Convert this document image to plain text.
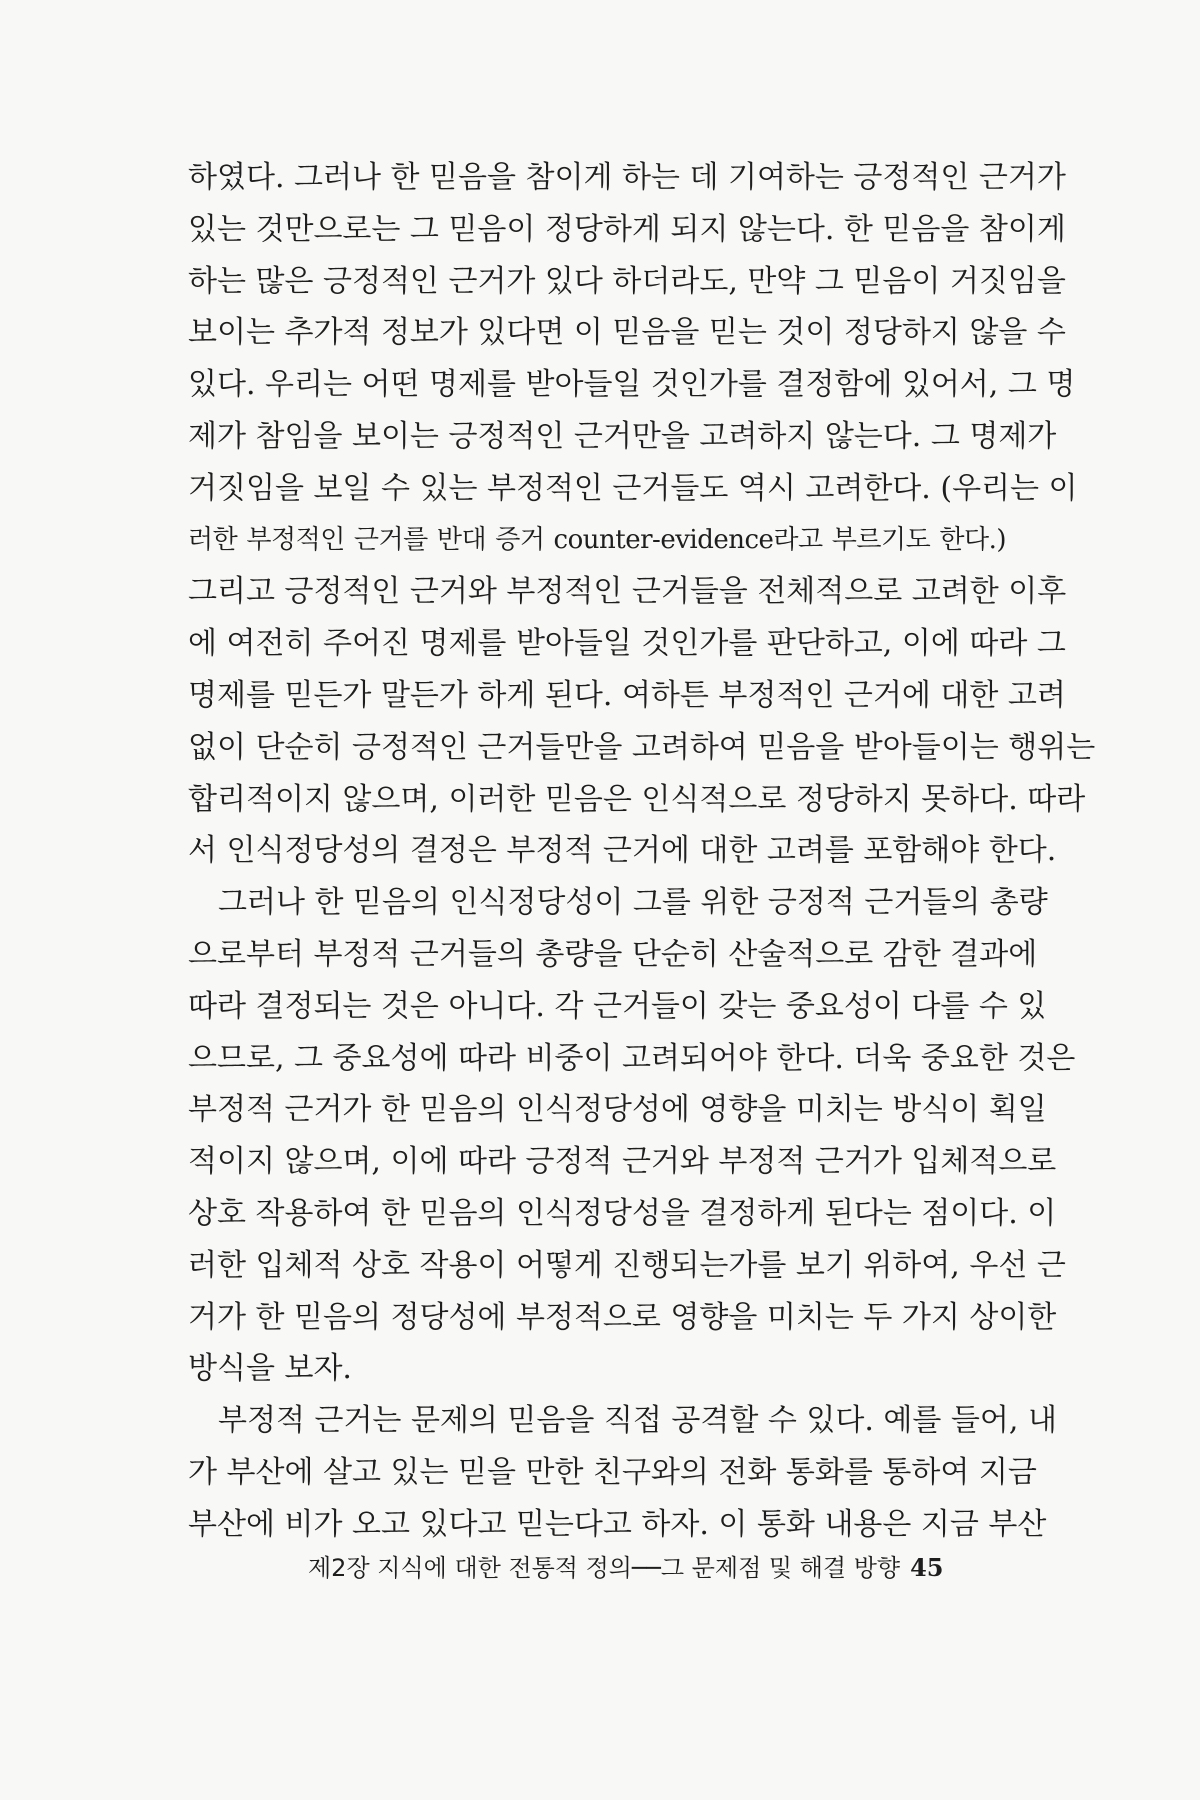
하였다. 그러나 한 믿음을 참이게 하는 데 기여하는 긍정적인 근거가
있는 것만으로는 그 믿음이 정당하게 되지 않는다. 한 믿음을 참이게
하는 많은 긍정적인 근거가 있다 하더라도, 만약 그 믿음이 거짓임을
보이는 추가적 정보가 있다면 이 믿음을 믿는 것이 정당하지 않을 수
있다. 우리는 어떤 명제를 받아들일 것인가를 결정함에 있어서, 그 명
제가 참임을 보이는 긍정적인 근거만을 고려하지 않는다. 그 명제가
거짓임을 보일 수 있는 부정적인 근거들도 역시 고려한다. (우리는 이
러한 부정적인 근거를 반대 증거 counter-evidence라고 부르기도 한다.)
그리고 긍정적인 근거와 부정적인 근거들을 전체적으로 고려한 이후
에 여전히 주어진 명제를 받아들일 것인가를 판단하고, 이에 따라 그
명제를 믿든가 말든가 하게 된다. 여하튼 부정적인 근거에 대한 고려
없이 단순히 긍정적인 근거들만을 고려하여 믿음을 받아들이는 행위는
합리적이지 않으며, 이러한 믿음은 인식적으로 정당하지 못하다. 따라
서 인식정당성의 결정은 부정적 근거에 대한 고려를 포함해야 한다.
그러나 한 믿음의 인식정당성이 그를 위한 긍정적 근거들의 총량
으로부터 부정적 근거들의 총량을 단순히 산술적으로 감한 결과에
따라 결정되는 것은 아니다. 각 근거들이 갖는 중요성이 다를 수 있
으므로, 그 중요성에 따라 비중이 고려되어야 한다. 더욱 중요한 것은
부정적 근거가 한 믿음의 인식정당성에 영향을 미치는 방식이 획일
적이지 않으며, 이에 따라 긍정적 근거와 부정적 근거가 입체적으로
상호 작용하여 한 믿음의 인식정당성을 결정하게 된다는 점이다. 이
러한 입체적 상호 작용이 어떻게 진행되는가를 보기 위하여, 우선 근
거가 한 믿음의 정당성에 부정적으로 영향을 미치는 두 가지 상이한
방식을 보자.
부정적 근거는 문제의 믿음을 직접 공격할 수 있다. 예를 들어, 내
가 부산에 살고 있는 믿을 만한 친구와의 전화 통화를 통하여 지금
부산에 비가 오고 있다고 믿는다고 하자. 이 통화 내용은 지금 부산
제2장 지식에 대한 전통적 정의──그 문제점 및 해결 방향 45
